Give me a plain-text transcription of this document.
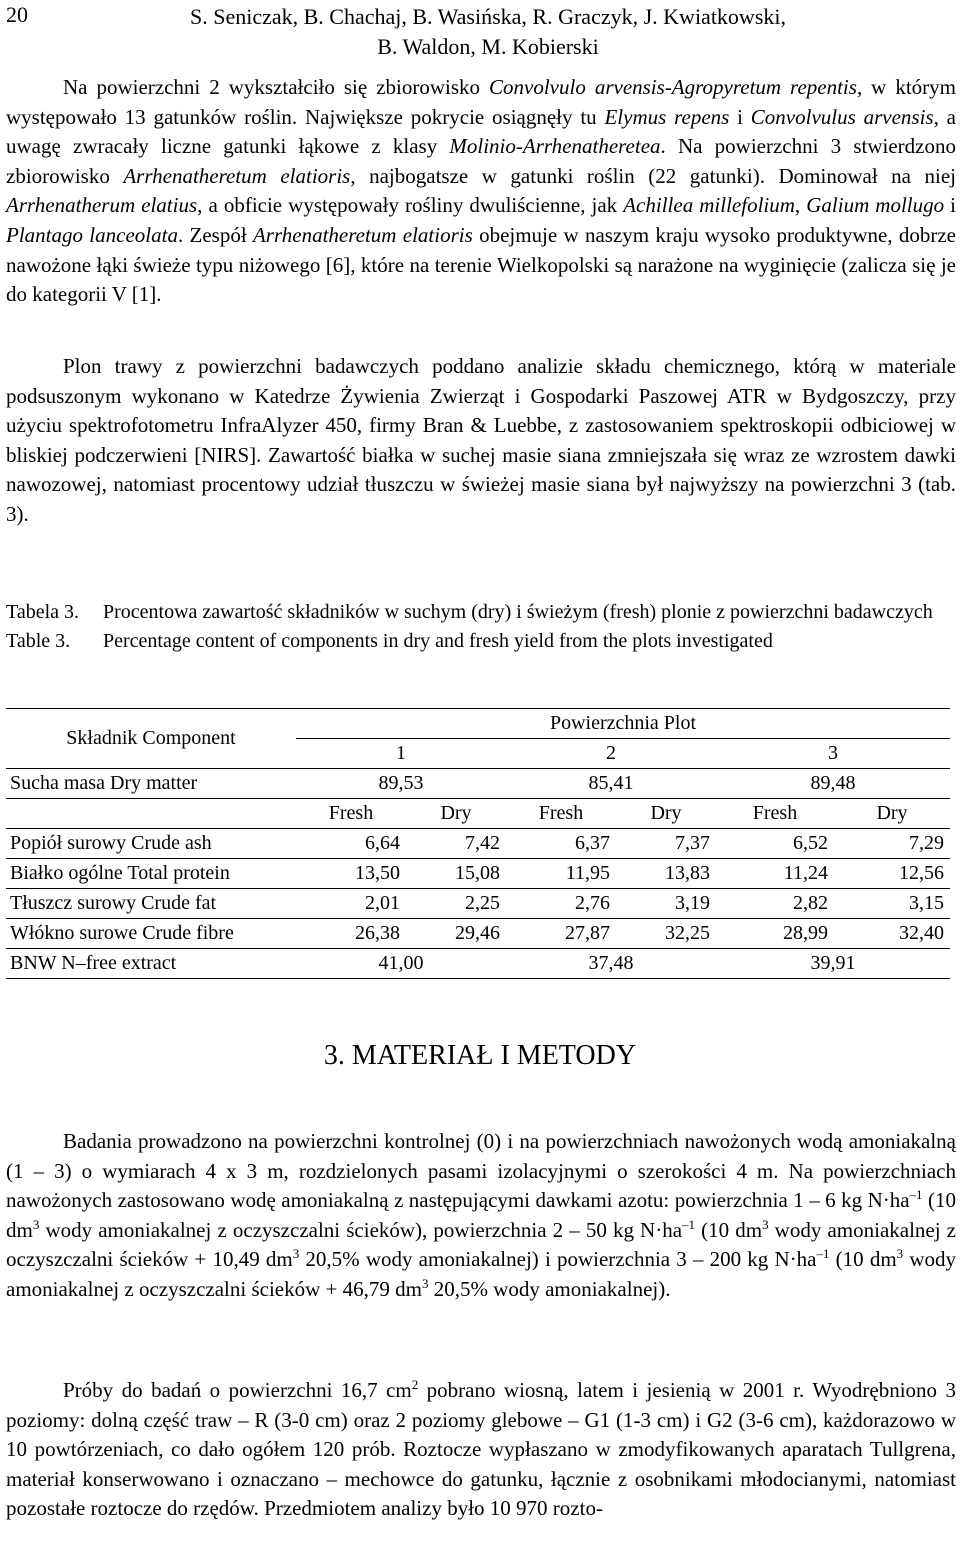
20	S. Seniczak, B. Chachaj, B. Wasińska, R. Graczyk, J. Kwiatkowski,
B. Waldon, M. Kobierski

Na powierzchni 2 wykształciło się zbiorowisko Convolvulo arvensis-Agropyretum repentis, w którym występowało 13 gatunków roślin. Największe pokrycie osiągnęły tu Elymus repens i Convolvulus arvensis, a uwagę zwracały liczne gatunki łąkowe z klasy Molinio-Arrhenatheretea. Na powierzchni 3 stwierdzono zbiorowisko Arrhenatheretum elatioris, najbogatsze w gatunki roślin (22 gatunki). Dominował na niej Arrhenatherum elatius, a obficie występowały rośliny dwuliścienne, jak Achillea millefolium, Galium mollugo i Plantago lanceolata. Zespół Arrhenatheretum elatioris obejmuje w naszym kraju wysoko produktywne, dobrze nawożone łąki świeże typu niżowego [6], które na terenie Wielkopolski są narażone na wyginięcie (zalicza się je do kategorii V [1].

Plon trawy z powierzchni badawczych poddano analizie składu chemicznego, którą w materiale podsuszonym wykonano w Katedrze Żywienia Zwierząt i Gospodarki Paszowej ATR w Bydgoszczy, przy użyciu spektrofotometru InfraAlyzer 450, firmy Bran & Luebbe, z zastosowaniem spektroskopii odbiciowej w bliskiej podczerwieni [NIRS]. Zawartość białka w suchej masie siana zmniejszała się wraz ze wzrostem dawki nawozowej, natomiast procentowy udział tłuszczu w świeżej masie siana był najwyższy na powierzchni 3 (tab. 3).

Tabela 3.	Procentowa zawartość składników w suchym (dry) i świeżym (fresh) plonie z powierzchni badawczych
Table 3.	Percentage content of components in dry and fresh yield from the plots investigated
Składnik Component	Powierzchnia Plot					
	1		2		3	
Sucha masa Dry matter	89,53		85,41		89,48	
	Fresh	Dry	Fresh	Dry	Fresh	Dry
Popiół surowy Crude ash	6,64	7,42	6,37	7,37	6,52	7,29
Białko ogólne Total protein	13,50	15,08	11,95	13,83	11,24	12,56
Tłuszcz surowy Crude fat	2,01	2,25	2,76	3,19	2,82	3,15
Włókno surowe Crude fibre	26,38	29,46	27,87	32,25	28,99	32,40
BNW N–free extract	41,00		37,48		39,91	
3. MATERIAŁ I METODY

Badania prowadzono na powierzchni kontrolnej (0) i na powierzchniach nawożonych wodą amoniakalną (1 – 3) o wymiarach 4 x 3 m, rozdzielonych pasami izolacyjnymi o szerokości 4 m. Na powierzchniach nawożonych zastosowano wodę amoniakalną z następującymi dawkami azotu: powierzchnia 1 – 6 kg $N\cdot ha^{-1}$ (10 $dm^3$ wody amoniakalnej z oczyszczalni ścieków), powierzchnia 2 – 50 kg $N\cdot ha^{-1}$ (10 $dm^3$ wody amoniakalnej z oczyszczalni ścieków + 10,49 $dm^3$ 20,5% wody amoniakalnej) i powierzchnia 3 – 200 kg $N\cdot ha^{-1}$ (10 $dm^3$ wody amoniakalnej z oczyszczalni ścieków + 46,79 $dm^3$ 20,5% wody amoniakalnej).

Próby do badań o powierzchni 16,7 $cm^2$ pobrano wiosną, latem i jesienią w 2001 r. Wyodrębniono 3 poziomy: dolną część traw – R (3-0 cm) oraz 2 poziomy glebowe – G1 (1-3 cm) i G2 (3-6 cm), każdorazowo w 10 powtórzeniach, co dało ogółem 120 prób. Roztocze wypłaszano w zmodyfikowanych aparatach Tullgrena, materiał konserwowano i oznaczano – mechowce do gatunku, łącznie z osobnikami młodocianymi, natomiast pozostałe roztocze do rzędów. Przedmiotem analizy było 10 970 rozto-
